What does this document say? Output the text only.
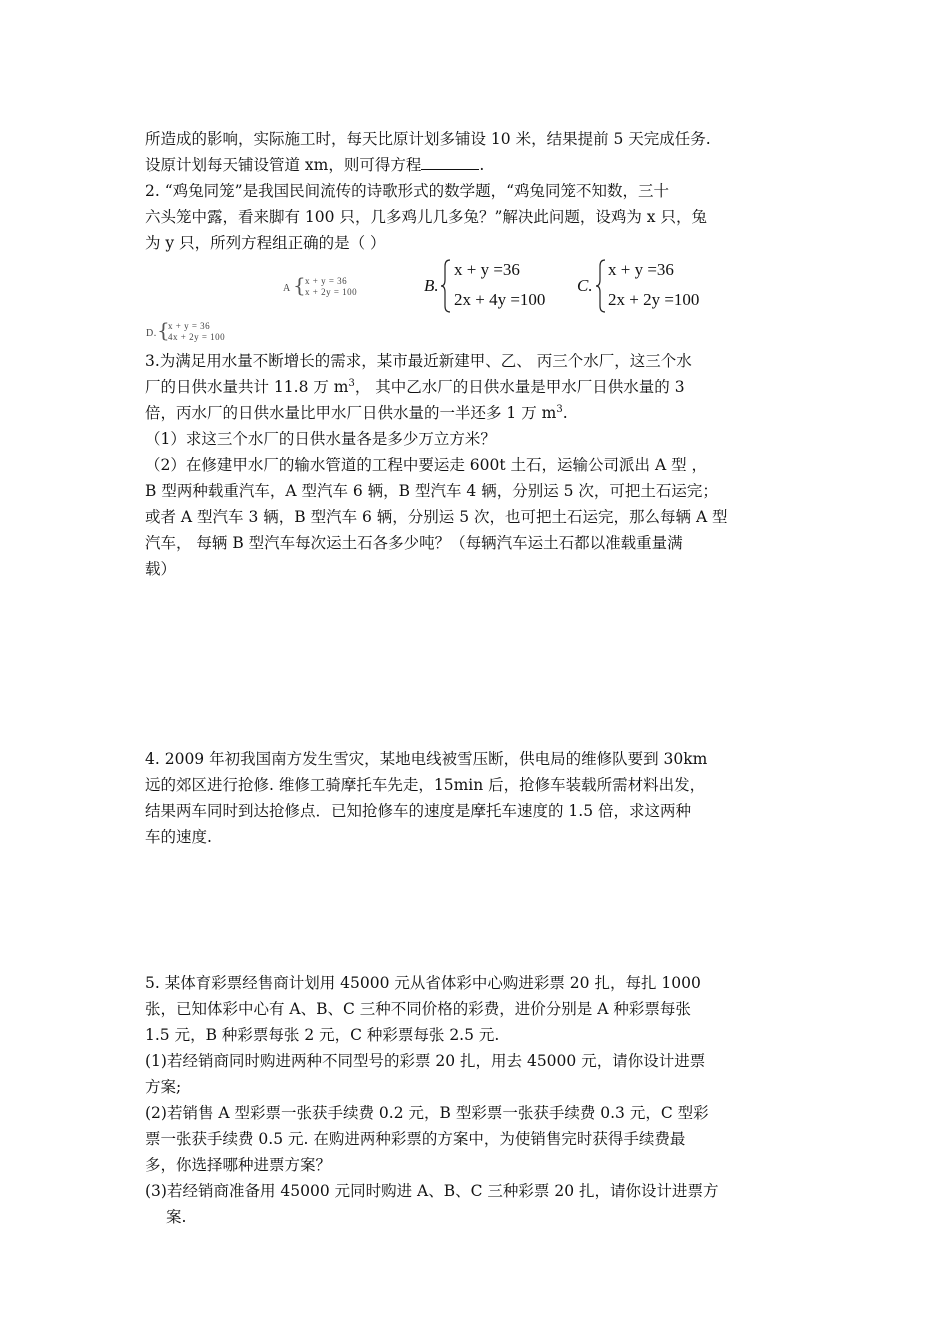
所造成的影响，实际施工时，每天比原计划多铺设 10 米，结果提前 5 天完成任务.
设原计划每天铺设管道 xm，则可得方程	.
2. “鸡兔同笼”是我国民间流传的诗歌形式的数学题，“鸡兔同笼不知数，三十
六头笼中露，看来脚有 100 只，几多鸡儿几多兔？”解决此问题，设鸡为 x 只，兔
为 y 只，所列方程组正确的是（ ）
A { x + y = 36
x + 2y = 100	B.
x + y =36
2x + 4y =100
C.
x + y =36
2x + 2y =100
D. {
x + y = 36
4x + 2y = 100
3.为满足用水量不断增长的需求，某市最近新建甲、乙、 丙三个水厂，这三个水
厂的日供水量共计 11.8 万 $m^3$， 其中乙水厂的日供水量是甲水厂日供水量的 3
倍，丙水厂的日供水量比甲水厂日供水量的一半还多 1 万 $m^3$.
（1）求这三个水厂的日供水量各是多少万立方米？
（2）在修建甲水厂的输水管道的工程中要运走 600t 土石，运输公司派出 A 型 ，
B 型两种载重汽车，A 型汽车 6 辆，B 型汽车 4 辆，分别运 5 次，可把土石运完；
或者 A 型汽车 3 辆，B 型汽车 6 辆，分别运 5 次，也可把土石运完，那么每辆 A 型
汽车， 每辆 B 型汽车每次运土石各多少吨？（每辆汽车运土石都以准载重量满
载）
4. 2009 年初我国南方发生雪灾，某地电线被雪压断，供电局的维修队要到 30km
远的郊区进行抢修. 维修工骑摩托车先走，15min 后，抢修车装载所需材料出发，
结果两车同时到达抢修点．已知抢修车的速度是摩托车速度的 1.5 倍，求这两种
车的速度.
5. 某体育彩票经售商计划用 45000 元从省体彩中心购进彩票 20 扎，每扎 1000
张，已知体彩中心有 A、B、C 三种不同价格的彩费，进价分别是 A 种彩票每张
1.5 元，B 种彩票每张 2 元，C 种彩票每张 2.5 元.
(1)若经销商同时购进两种不同型号的彩票 20 扎，用去 45000 元，请你设计进票
方案;
(2)若销售 A 型彩票一张获手续费 0.2 元，B 型彩票一张获手续费 0.3 元，C 型彩
票一张获手续费 0.5 元. 在购进两种彩票的方案中，为使销售完时获得手续费最
多，你选择哪种进票方案？
(3)若经销商准备用 45000 元同时购进 A、B、C 三种彩票 20 扎，请你设计进票方
案.
